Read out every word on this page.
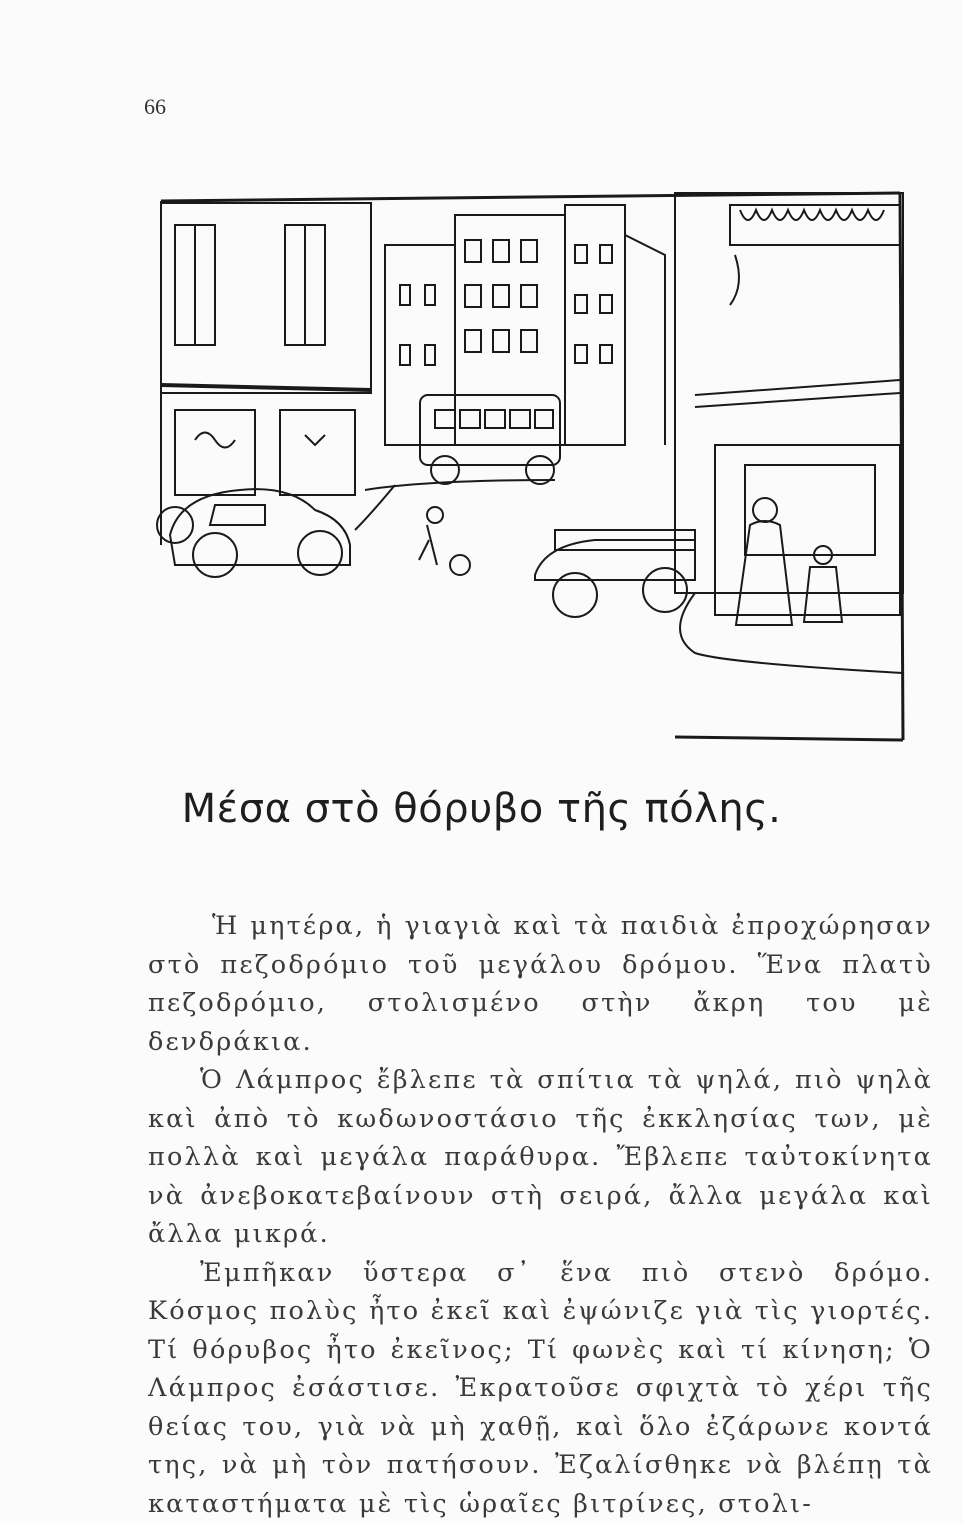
66
Μέσα στὸ θόρυβο τῆς πόλης.

Ἡ μητέρα, ἡ γιαγιὰ καὶ τὰ παιδιὰ ἐπροχώρησαν στὸ πεζοδρόμιο τοῦ μεγάλου δρόμου. Ἕνα πλατὺ πεζοδρόμιο, στολισμένο στὴν ἄκρη του μὲ δενδράκια.

Ὁ Λάμπρος ἔβλεπε τὰ σπίτια τὰ ψηλά, πιὸ ψηλὰ καὶ ἀπὸ τὸ κωδωνοστάσιο τῆς ἐκκλησίας των, μὲ πολλὰ καὶ μεγάλα παράθυρα. Ἔβλεπε ταὐτοκίνητα νὰ ἀνεβοκατεβαίνουν στὴ σειρά, ἄλλα μεγάλα καὶ ἄλλα μικρά.

Ἐμπῆκαν ὕστερα σ᾽ ἕνα πιὸ στενὸ δρόμο. Κόσμος πολὺς ἦτο ἐκεῖ καὶ ἐψώνιζε γιὰ τὶς γιορτές. Τί θόρυβος ἦτο ἐκεῖνος; Τί φωνὲς καὶ τί κίνηση; Ὁ Λάμπρος ἐσάστισε. Ἐκρατοῦσε σφιχτὰ τὸ χέρι τῆς θείας του, γιὰ νὰ μὴ χαθῇ, καὶ ὅλο ἐζάρωνε κοντά της, νὰ μὴ τὸν πατήσουν. Ἐζαλίσθηκε νὰ βλέπῃ τὰ καταστήματα μὲ τὶς ὡραῖες βιτρίνες, στολι-
